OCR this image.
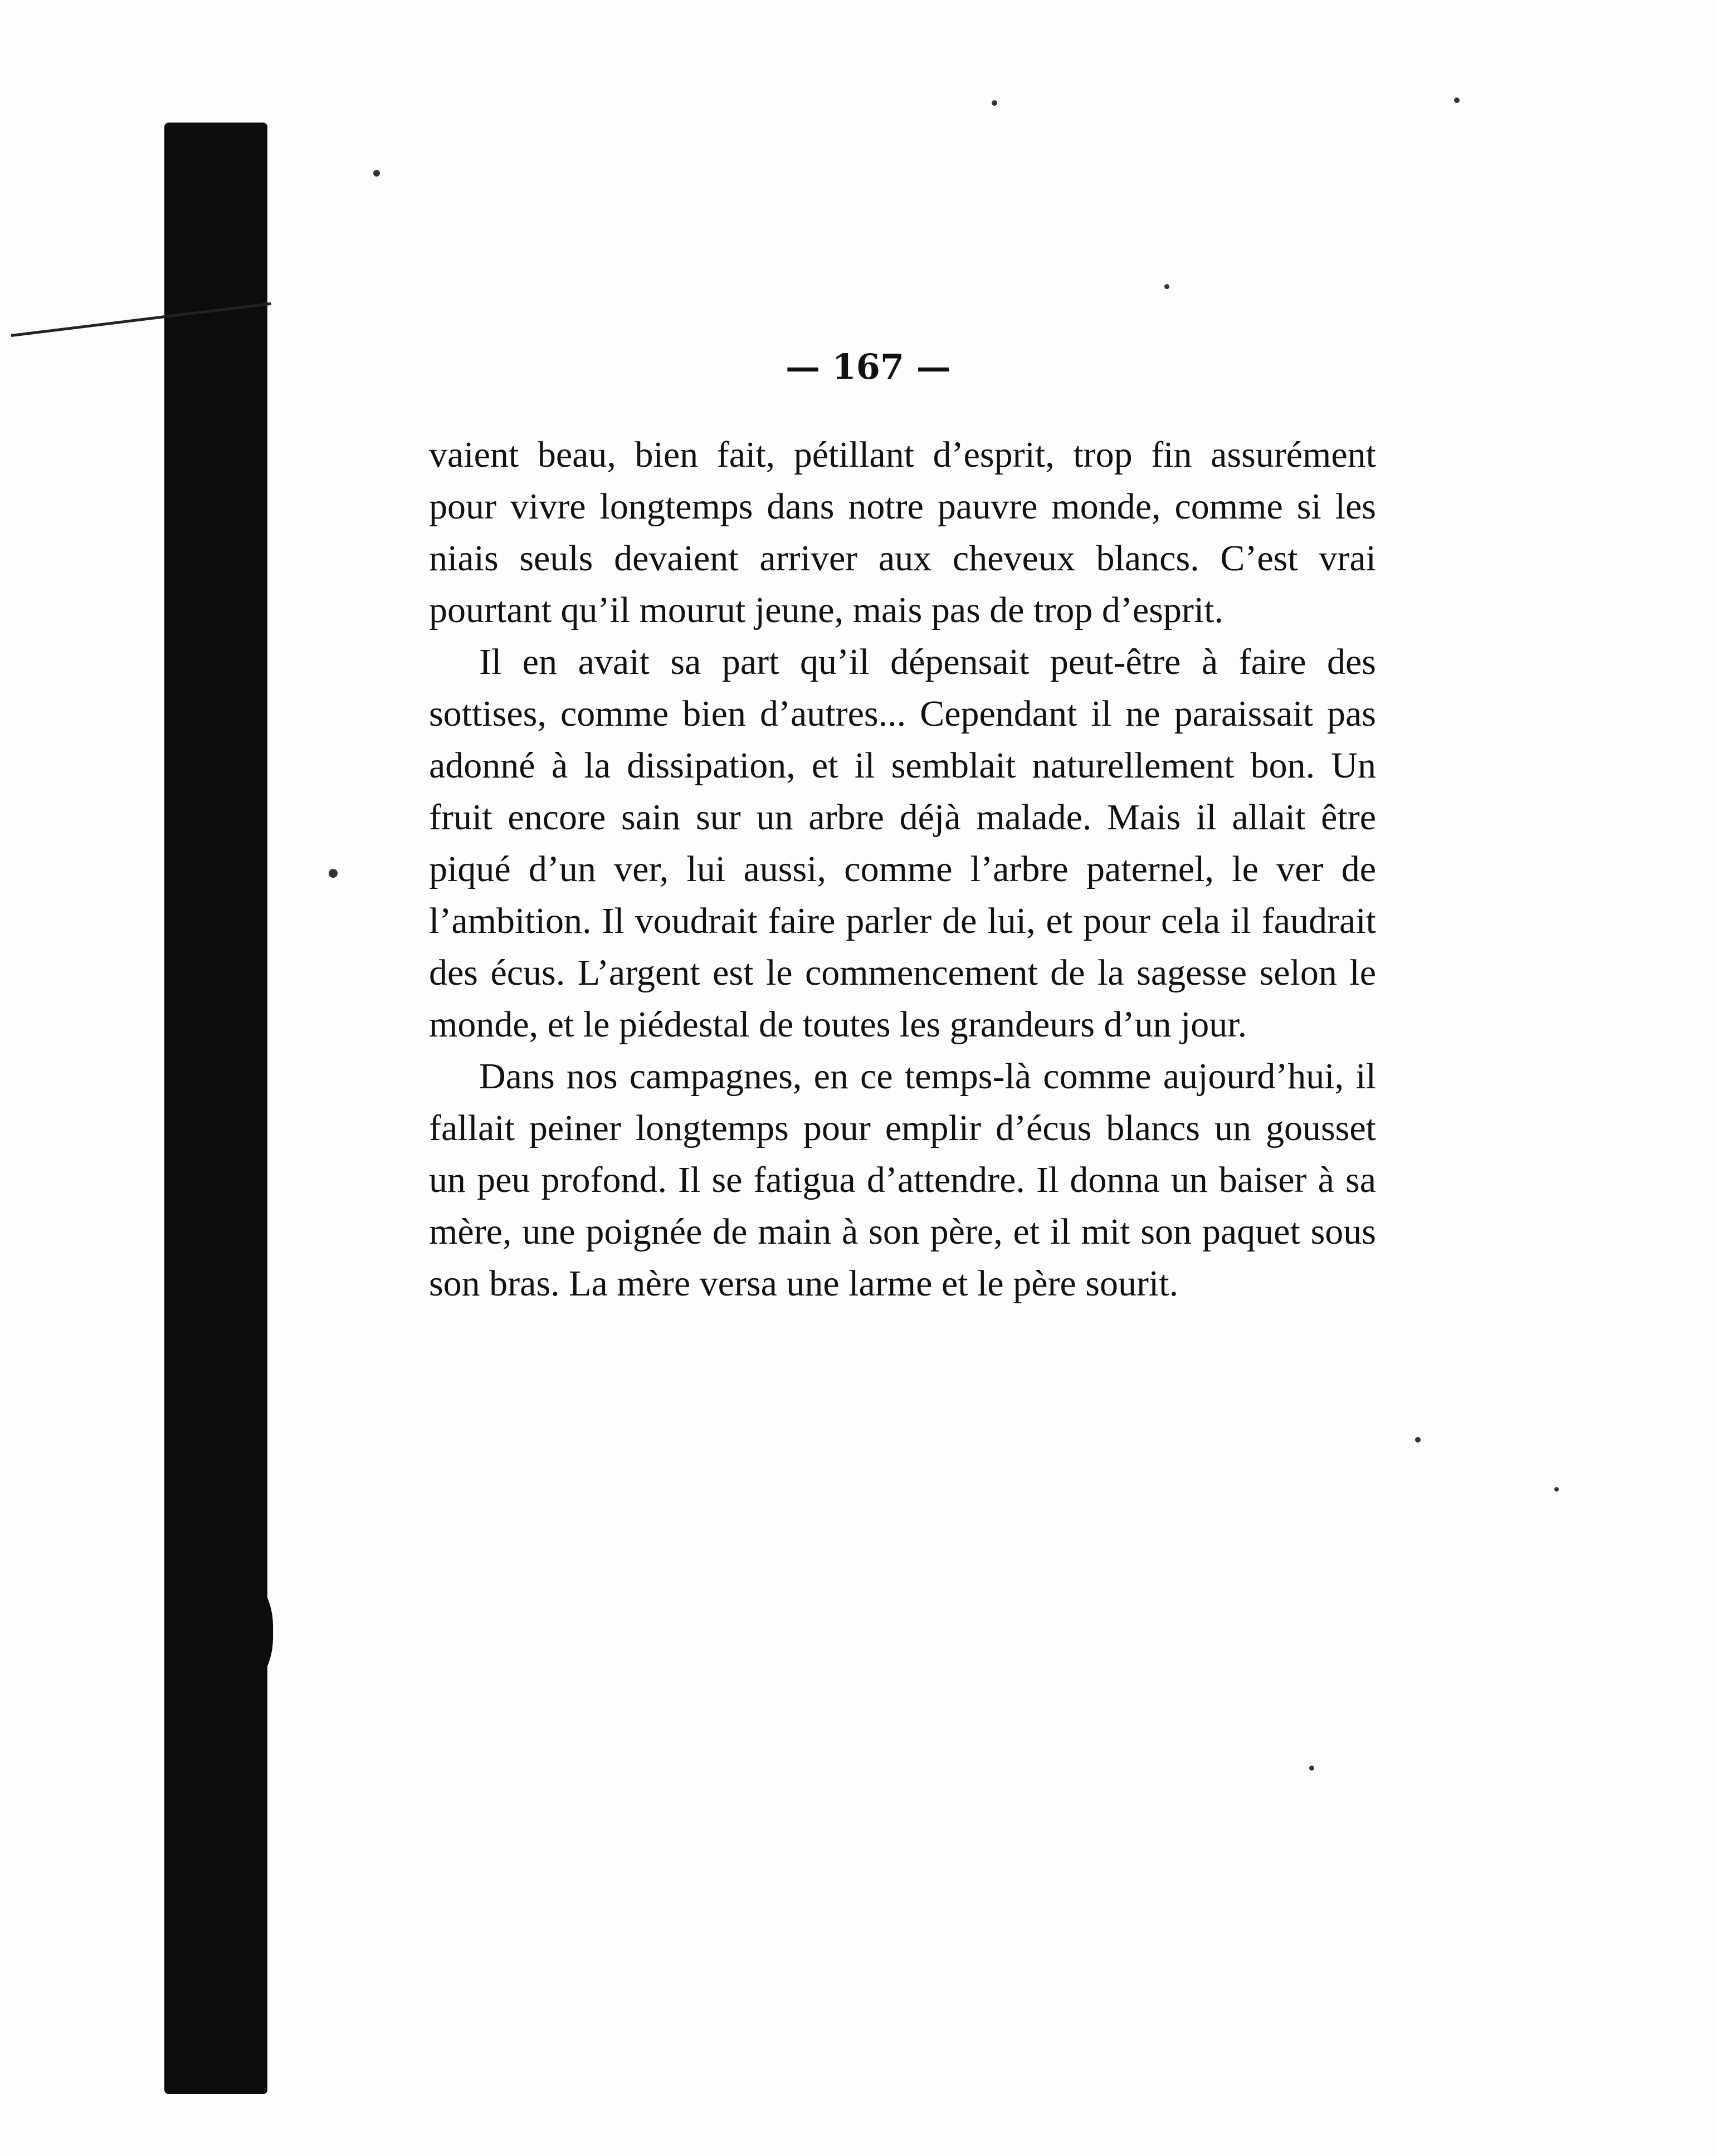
— 167 —

vaient beau, bien fait, pétillant d’esprit, trop fin assurément pour vivre longtemps dans notre pauvre monde, comme si les niais seuls devaient arriver aux cheveux blancs. C’est vrai pourtant qu’il mourut jeune, mais pas de trop d’esprit.

Il en avait sa part qu’il dépensait peut-être à faire des sottises, comme bien d’autres... Cependant il ne paraissait pas adonné à la dissipation, et il semblait naturellement bon. Un fruit encore sain sur un arbre déjà malade. Mais il allait être piqué d’un ver, lui aussi, comme l’arbre paternel, le ver de l’ambition. Il voudrait faire parler de lui, et pour cela il faudrait des écus. L’argent est le commencement de la sagesse selon le monde, et le piédestal de toutes les grandeurs d’un jour.

Dans nos campagnes, en ce temps-là comme aujourd’hui, il fallait peiner longtemps pour emplir d’écus blancs un gousset un peu profond. Il se fatigua d’attendre. Il donna un baiser à sa mère, une poignée de main à son père, et il mit son paquet sous son bras. La mère versa une larme et le père sourit.
